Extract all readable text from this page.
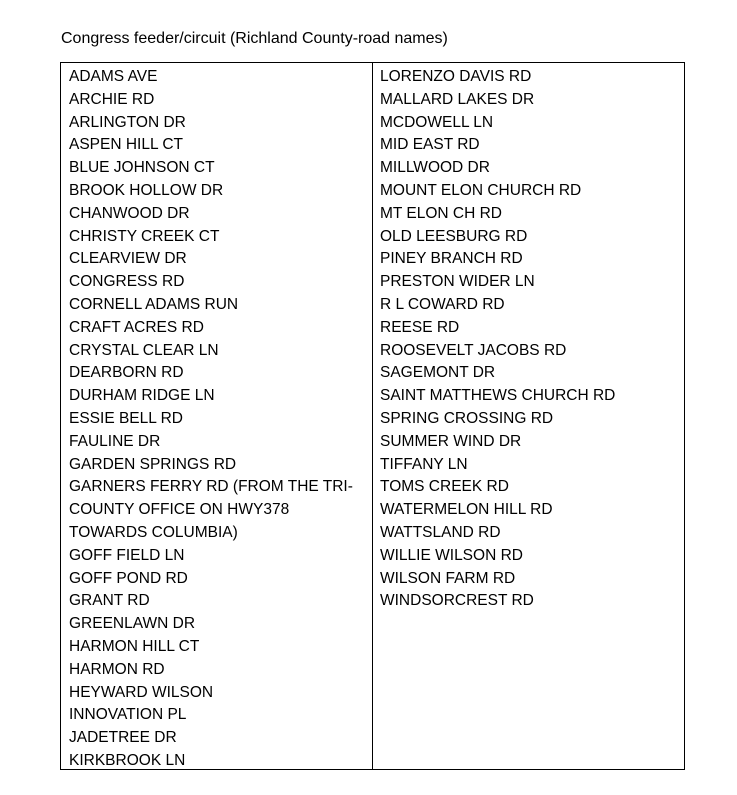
Congress feeder/circuit (Richland County-road names)
ADAMS AVE
ARCHIE RD
ARLINGTON DR
ASPEN HILL CT
BLUE JOHNSON CT
BROOK HOLLOW DR
CHANWOOD DR
CHRISTY CREEK CT
CLEARVIEW DR
CONGRESS RD
CORNELL ADAMS RUN
CRAFT ACRES RD
CRYSTAL CLEAR LN
DEARBORN RD
DURHAM RIDGE LN
ESSIE BELL RD
FAULINE DR
GARDEN SPRINGS RD
GARNERS FERRY RD (FROM THE TRI-COUNTY OFFICE ON HWY378 TOWARDS COLUMBIA)
GOFF FIELD LN
GOFF POND RD
GRANT RD
GREENLAWN DR
HARMON HILL CT
HARMON RD
HEYWARD WILSON
INNOVATION PL
JADETREE DR
KIRKBROOK LN
LORENZO DAVIS RD
MALLARD LAKES DR
MCDOWELL LN
MID EAST RD
MILLWOOD DR
MOUNT ELON CHURCH RD
MT ELON CH RD
OLD LEESBURG RD
PINEY BRANCH RD
PRESTON WIDER LN
R L COWARD RD
REESE RD
ROOSEVELT JACOBS RD
SAGEMONT DR
SAINT MATTHEWS CHURCH RD
SPRING CROSSING RD
SUMMER WIND DR
TIFFANY LN
TOMS CREEK RD
WATERMELON HILL RD
WATTSLAND RD
WILLIE WILSON RD
WILSON FARM RD
WINDSORCREST RD
